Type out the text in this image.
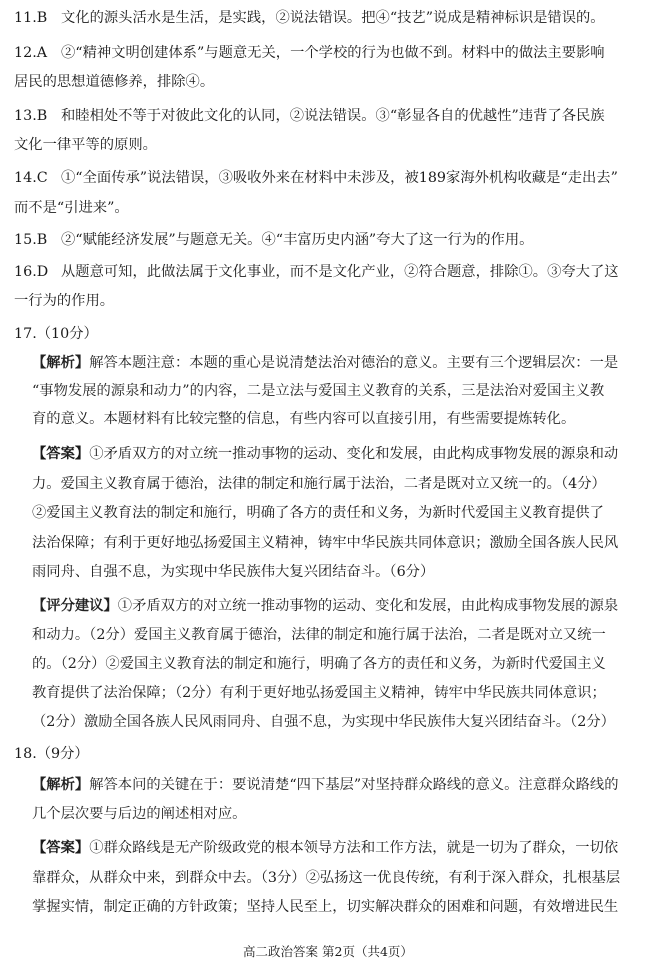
11.B 文化的源头活水是生活，是实践，②说法错误。把④“技艺”说成是精神标识是错误的。
12.A ②“精神文明创建体系”与题意无关，一个学校的行为也做不到。材料中的做法主要影响
居民的思想道德修养，排除④。
13.B 和睦相处不等于对彼此文化的认同，②说法错误。③“彰显各自的优越性”违背了各民族
文化一律平等的原则。
14.C ①“全面传承”说法错误，③吸收外来在材料中未涉及，被189家海外机构收藏是“走出去”
而不是“引进来”。
15.B ②“赋能经济发展”与题意无关。④“丰富历史内涵”夸大了这一行为的作用。
16.D 从题意可知，此做法属于文化事业，而不是文化产业，②符合题意，排除①。③夸大了这
一行为的作用。
17.（10分）
【解析】解答本题注意：本题的重心是说清楚法治对德治的意义。主要有三个逻辑层次：一是
“事物发展的源泉和动力”的内容，二是立法与爱国主义教育的关系，三是法治对爱国主义教
育的意义。本题材料有比较完整的信息，有些内容可以直接引用，有些需要提炼转化。
【答案】①矛盾双方的对立统一推动事物的运动、变化和发展，由此构成事物发展的源泉和动
力。爱国主义教育属于德治，法律的制定和施行属于法治，二者是既对立又统一的。（4分）
②爱国主义教育法的制定和施行，明确了各方的责任和义务，为新时代爱国主义教育提供了
法治保障；有利于更好地弘扬爱国主义精神，铸牢中华民族共同体意识；激励全国各族人民风
雨同舟、自强不息，为实现中华民族伟大复兴团结奋斗。（6分）
【评分建议】①矛盾双方的对立统一推动事物的运动、变化和发展，由此构成事物发展的源泉
和动力。（2分）爱国主义教育属于德治，法律的制定和施行属于法治，二者是既对立又统一
的。（2分）②爱国主义教育法的制定和施行，明确了各方的责任和义务，为新时代爱国主义
教育提供了法治保障；（2分）有利于更好地弘扬爱国主义精神，铸牢中华民族共同体意识；
（2分）激励全国各族人民风雨同舟、自强不息，为实现中华民族伟大复兴团结奋斗。（2分）
18.（9分）
【解析】解答本问的关键在于：要说清楚“四下基层”对坚持群众路线的意义。注意群众路线的
几个层次要与后边的阐述相对应。
【答案】①群众路线是无产阶级政党的根本领导方法和工作方法，就是一切为了群众，一切依
靠群众，从群众中来，到群众中去。（3分）②弘扬这一优良传统，有利于深入群众，扎根基层
掌握实情，制定正确的方针政策；坚持人民至上，切实解决群众的困难和问题，有效增进民生
高二政治答案 第2页（共4页）
